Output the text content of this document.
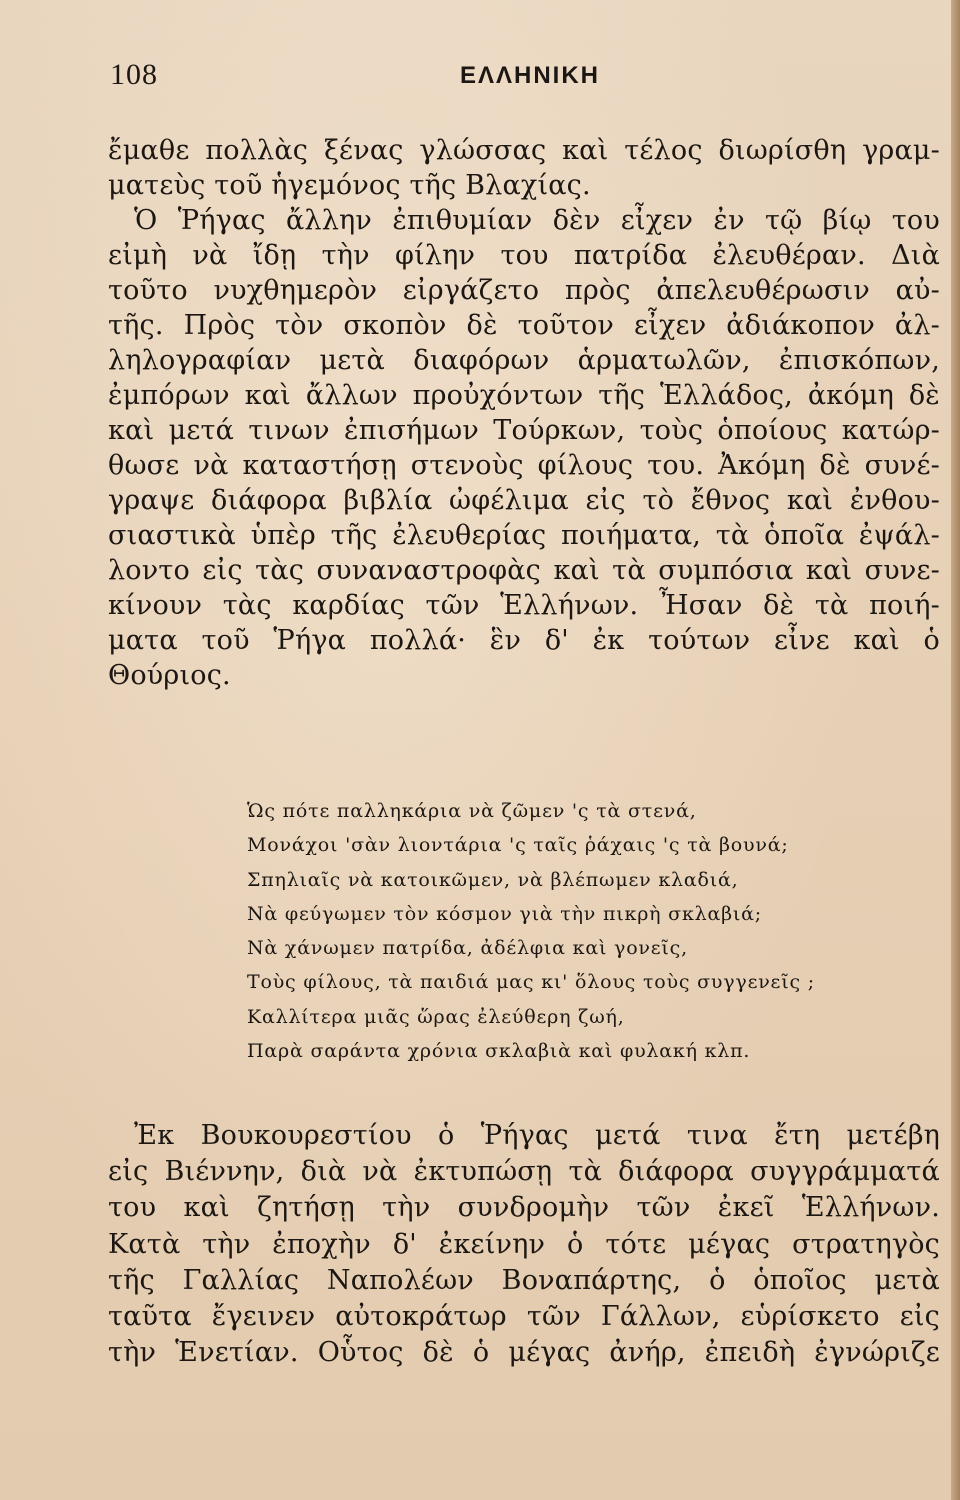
108	ΕΛΛΗΝΙΚΗ
ἔμαθε πολλὰς ξένας γλώσσας καὶ τέλος διωρίσθη γραμ-
ματεὺς τοῦ ἡγεμόνος τῆς Βλαχίας.
Ὁ Ῥήγας ἄλλην ἐπιθυμίαν δὲν εἶχεν ἐν τῷ βίῳ του
εἰμὴ νὰ ἴδῃ τὴν φίλην του πατρίδα ἐλευθέραν. Διὰ
τοῦτο νυχθημερὸν εἰργάζετο πρὸς ἀπελευθέρωσιν αὐ-
τῆς. Πρὸς τὸν σκοπὸν δὲ τοῦτον εἶχεν ἀδιάκοπον ἀλ-
ληλογραφίαν μετὰ διαφόρων ἁρματωλῶν, ἐπισκόπων,
ἐμπόρων καὶ ἄλλων προὐχόντων τῆς Ἑλλάδος, ἀκόμη δὲ
καὶ μετά τινων ἐπισήμων Τούρκων, τοὺς ὁποίους κατώρ-
θωσε νὰ καταστήσῃ στενοὺς φίλους του. Ἀκόμη δὲ συνέ-
γραψε διάφορα βιβλία ὠφέλιμα εἰς τὸ ἔθνος καὶ ἐνθου-
σιαστικὰ ὑπὲρ τῆς ἐλευθερίας ποιήματα, τὰ ὁποῖα ἐψάλ-
λοντο εἰς τὰς συναναστροφὰς καὶ τὰ συμπόσια καὶ συνε-
κίνουν τὰς καρδίας τῶν Ἑλλήνων. Ἦσαν δὲ τὰ ποιή-
ματα τοῦ Ῥήγα πολλά· ἓν δ' ἐκ τούτων εἶνε καὶ ὁ
Θούριος.
Ὡς πότε παλληκάρια νὰ ζῶμεν 'ς τὰ στενά,
Μονάχοι 'σὰν λιοντάρια 'ς ταῖς ῥάχαις 'ς τὰ βουνά;
Σπηλιαῖς νὰ κατοικῶμεν, νὰ βλέπωμεν κλαδιά,
Νὰ φεύγωμεν τὸν κόσμον γιὰ τὴν πικρὴ σκλαβιά;
Νὰ χάνωμεν πατρίδα, ἀδέλφια καὶ γονεῖς,
Τοὺς φίλους, τὰ παιδιά μας κι' ὅλους τοὺς συγγενεῖς ;
Καλλίτερα μιᾶς ὥρας ἐλεύθερη ζωή,
Παρὰ σαράντα χρόνια σκλαβιὰ καὶ φυλακή κλπ.
Ἐκ Βουκουρεστίου ὁ Ῥήγας μετά τινα ἔτη μετέβη
εἰς Βιέννην, διὰ νὰ ἐκτυπώσῃ τὰ διάφορα συγγράμματά
του καὶ ζητήσῃ τὴν συνδρομὴν τῶν ἐκεῖ Ἑλλήνων.
Κατὰ τὴν ἐποχὴν δ' ἐκείνην ὁ τότε μέγας στρατηγὸς
τῆς Γαλλίας Ναπολέων Βοναπάρτης, ὁ ὁποῖος μετὰ
ταῦτα ἔγεινεν αὐτοκράτωρ τῶν Γάλλων, εὑρίσκετο εἰς
τὴν Ἑνετίαν. Οὗτος δὲ ὁ μέγας ἀνήρ, ἐπειδὴ ἐγνώριζε
